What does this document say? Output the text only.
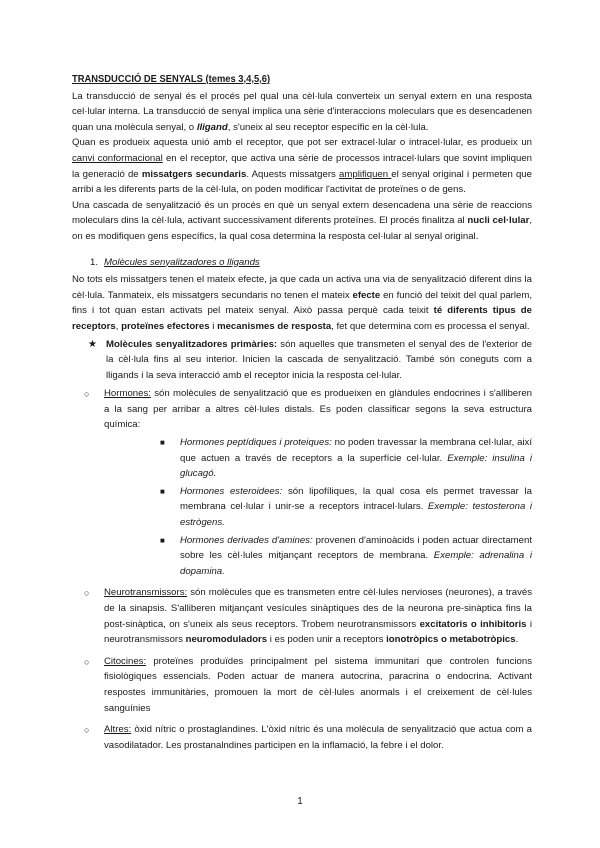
TRANSDUCCIÓ DE SENYALS (temes 3,4,5,6)

La transducció de senyal és el procés pel qual una cèl·lula converteix un senyal extern en una resposta cel·lular interna. La transducció de senyal implica una sèrie d'interaccions moleculars que es desencadenen quan una molècula senyal, o lligand, s'uneix al seu receptor específic en la cèl·lula.

Quan es produeix aquesta unió amb el receptor, que pot ser extracel·lular o intracel·lular, es produeix un canvi conformacional en el receptor, que activa una sèrie de processos intracel·lulars que sovint impliquen la generació de missatgers secundaris. Aquests missatgers amplifiquen el senyal original i permeten que arribi a les diferents parts de la cèl·lula, on poden modificar l'activitat de proteïnes o de gens.

Una cascada de senyalització és un procés en què un senyal extern desencadena una sèrie de reaccions moleculars dins la cèl·lula, activant successivament diferents proteïnes. El procés finalitza al nucli cel·lular, on es modifiquen gens específics, la qual cosa determina la resposta cel·lular al senyal original.

1. Molècules senyalitzadores o lligands

No tots els missatgers tenen el mateix efecte, ja que cada un activa una via de senyalització diferent dins la cèl·lula. Tanmateix, els missatgers secundaris no tenen el mateix efecte en funció del teixit del qual parlem, fins i tot quan estan activats pel mateix senyal. Això passa perquè cada teixit té diferents tipus de receptors, proteïnes efectores i mecanismes de resposta, fet que determina com es processa el senyal.

★ Molècules senyalitzadores primàries: són aquelles que transmeten el senyal des de l'exterior de la cèl·lula fins al seu interior. Inicien la cascada de senyalització. També són coneguts com a lligands i la seva interacció amb el receptor inicia la resposta cel·lular.

○ Hormones: són molècules de senyalització que es produeixen en glàndules endocrines i s'alliberen a la sang per arribar a altres cèl·lules distals. Es poden classificar segons la seva estructura química:

■ Hormones peptídiques i proteiques: no poden travessar la membrana cel·lular, així que actuen a través de receptors a la superfície cel·lular. Exemple: insulina i glucagó.

■ Hormones esteroidees: són lipofíliques, la qual cosa els permet travessar la membrana cel·lular i unir-se a receptors intracel·lulars. Exemple: testosterona i estrògens.

■ Hormones derivades d'amines: provenen d'aminoàcids i poden actuar directament sobre les cèl·lules mitjançant receptors de membrana. Exemple: adrenalina i dopamina.

○ Neurotransmissors: són molècules que es transmeten entre cèl·lules nervioses (neurones), a través de la sinapsis. S'alliberen mitjançant vesícules sinàptiques des de la neurona pre-sinàptica fins la post-sinàptica, on s'uneix als seus receptors. Trobem neurotransmissors excitatoris o inhibitoris i neurotransmissors neuromoduladors i es poden unir a receptors ionotròpics o metabotròpics.

○ Citocines: proteïnes produïdes principalment pel sistema immunitari que controlen funcions fisiològiques essencials. Poden actuar de manera autocrina, paracrina o endocrina. Activant respostes immunitàries, promouen la mort de cèl·lules anormals i el creixement de cèl·lules sanguínies

○ Altres: òxid nítric o prostaglandines. L'òxid nítric és una molècula de senyalització que actua com a vasodilatador. Les prostanalndines participen en la inflamació, la febre i el dolor.

1
